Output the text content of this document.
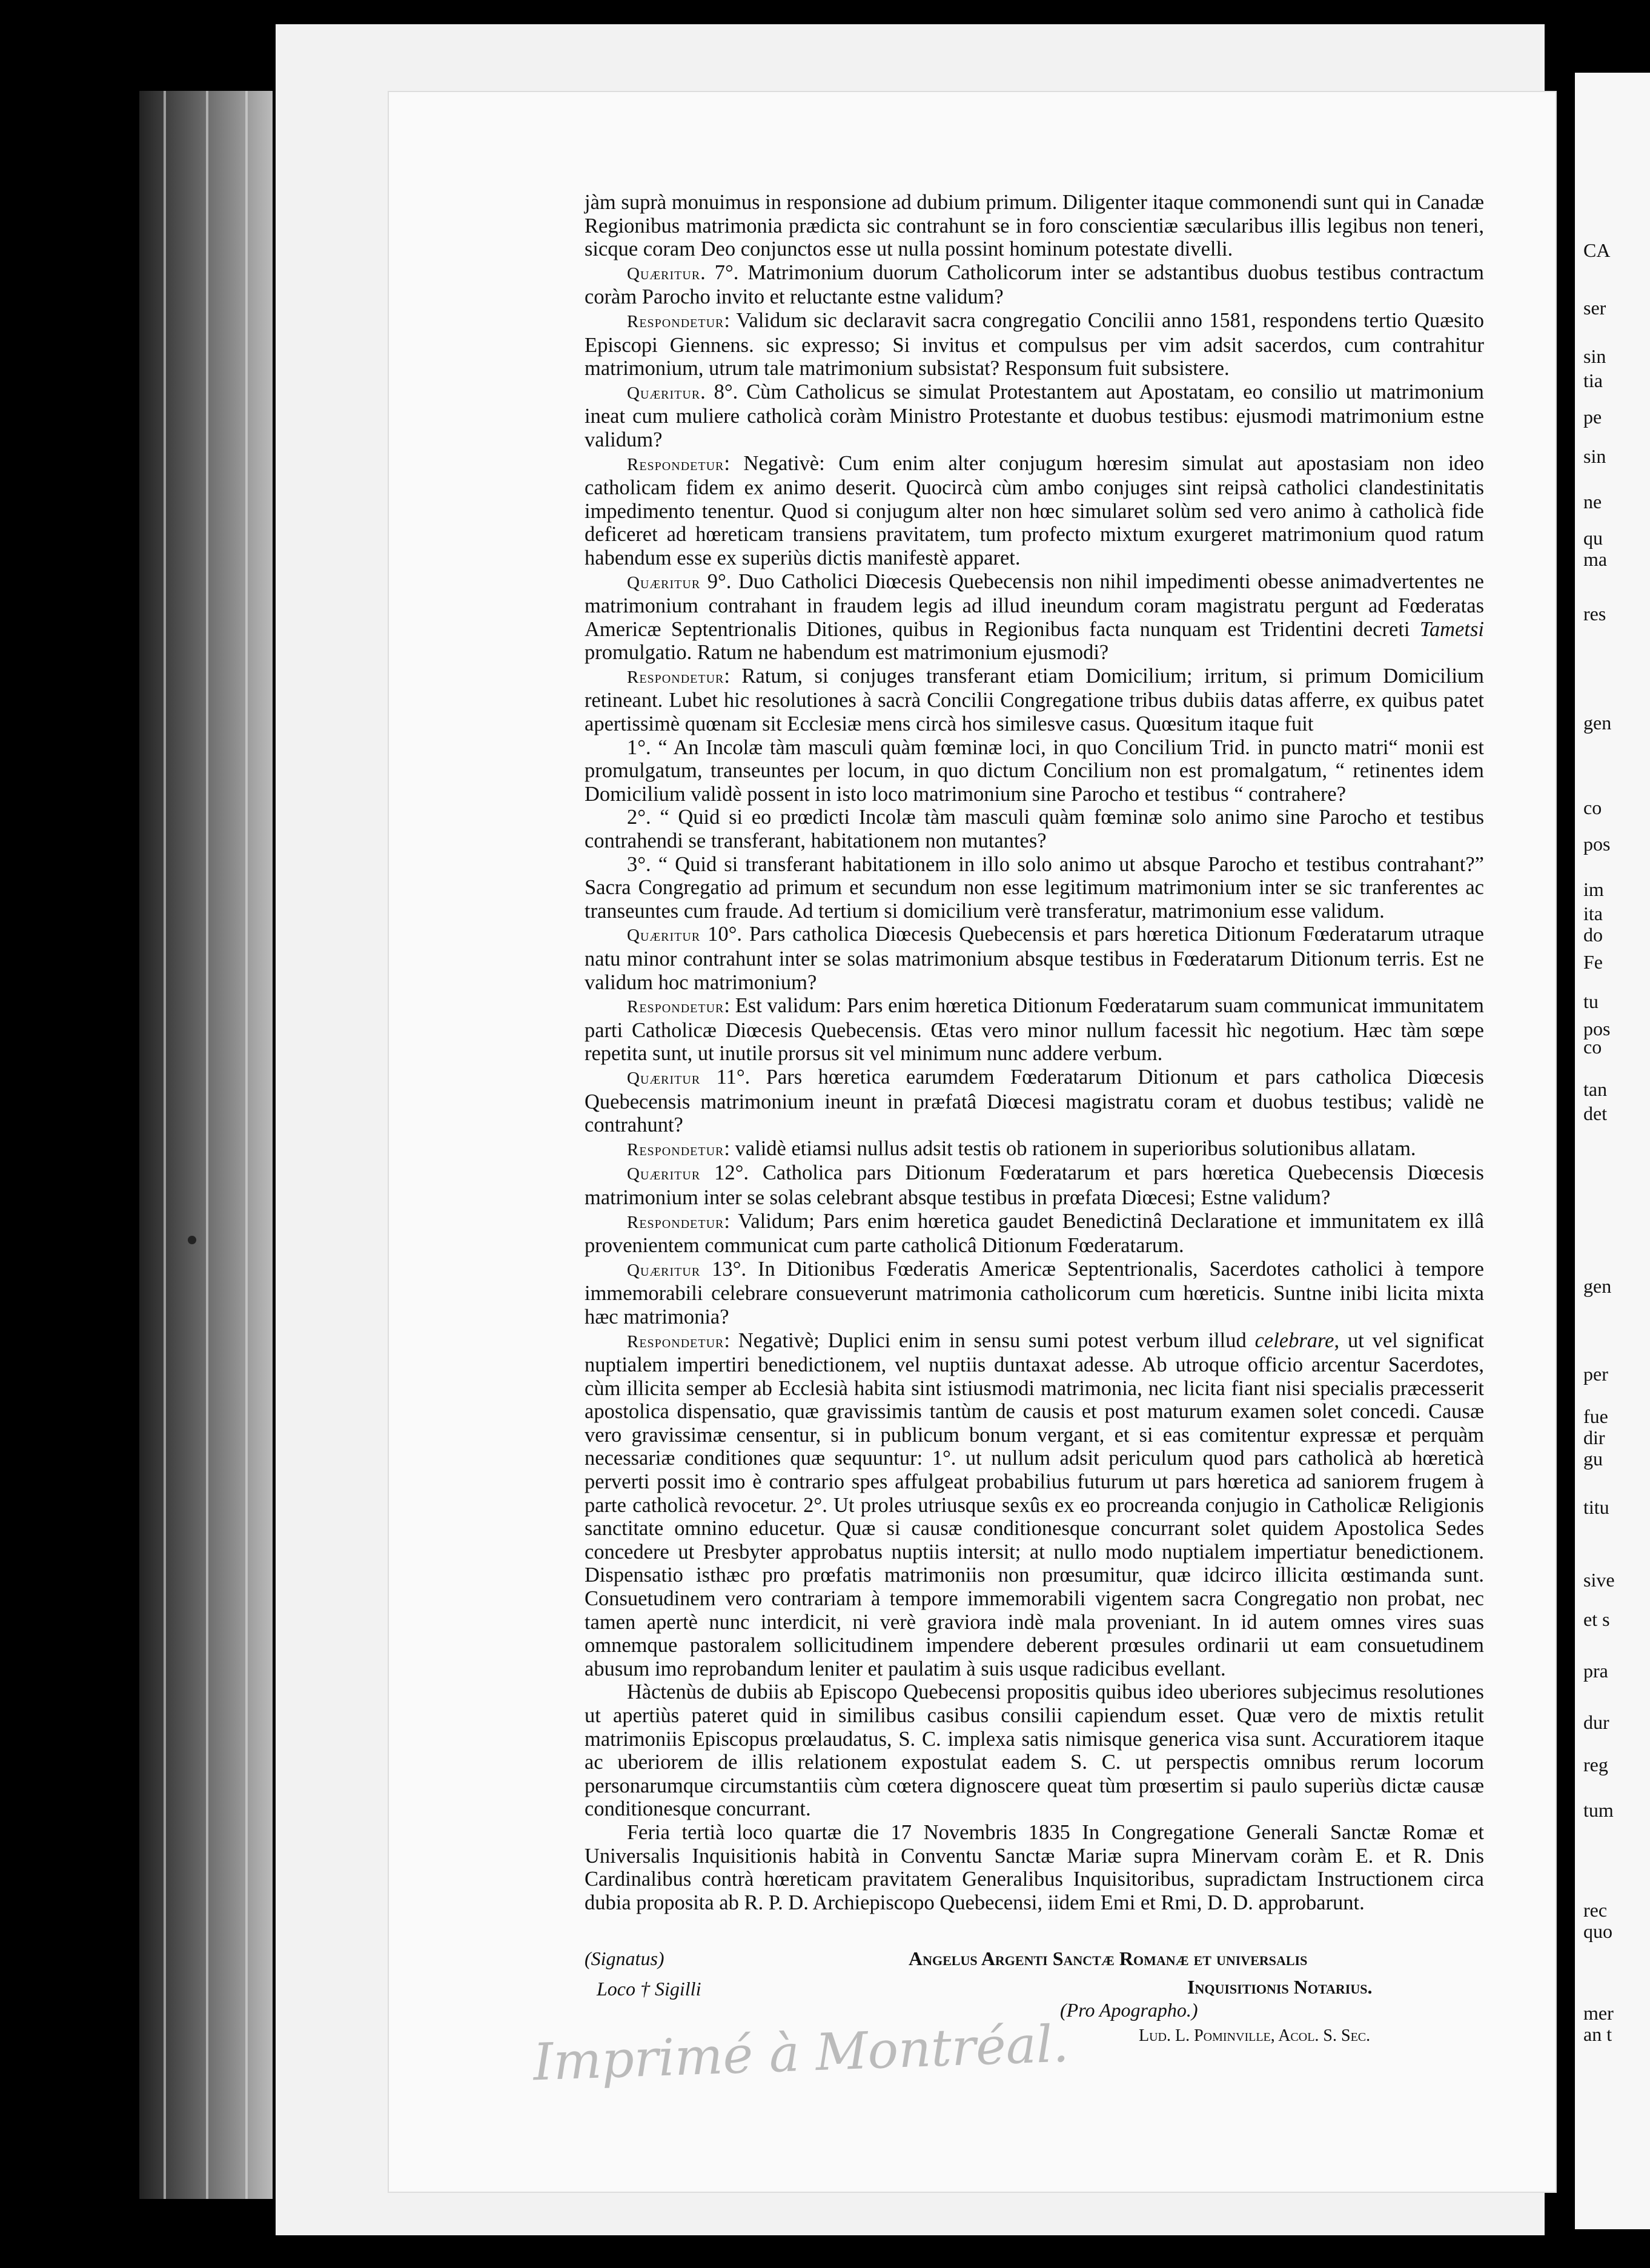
jàm suprà monuimus in responsione ad dubium primum. Diligenter itaque commonendi sunt qui in Canadæ Regionibus matrimonia prædicta sic contrahunt se in foro conscientiæ sæcularibus illis legibus non teneri, sicque coram Deo conjunctos esse ut nulla possint hominum potestate divelli.

Quæritur. 7°. Matrimonium duorum Catholicorum inter se adstantibus duobus testibus contractum coràm Parocho invito et reluctante estne validum?

Respondetur: Validum sic declaravit sacra congregatio Concilii anno 1581, respondens tertio Quæsito Episcopi Giennens. sic expresso; Si invitus et compulsus per vim adsit sacerdos, cum contrahitur matrimonium, utrum tale matrimonium subsistat? Responsum fuit subsistere.

Quæritur. 8°. Cùm Catholicus se simulat Protestantem aut Apostatam, eo consilio ut matrimonium ineat cum muliere catholicà coràm Ministro Protestante et duobus testibus: ejusmodi matrimonium estne validum?

Respondetur: Negativè: Cum enim alter conjugum hœresim simulat aut apostasiam non ideo catholicam fidem ex animo deserit. Quocircà cùm ambo conjuges sint reipsà catholici clandestinitatis impedimento tenentur. Quod si conjugum alter non hœc simularet solùm sed vero animo à catholicà fide deficeret ad hœreticam transiens pravitatem, tum profecto mixtum exurgeret matrimonium quod ratum habendum esse ex superiùs dictis manifestè apparet.

Quæritur 9°. Duo Catholici Diœcesis Quebecensis non nihil impedimenti obesse animadvertentes ne matrimonium contrahant in fraudem legis ad illud ineundum coram magistratu pergunt ad Fœderatas Americæ Septentrionalis Ditiones, quibus in Regionibus facta nunquam est Tridentini decreti Tametsi promulgatio. Ratum ne habendum est matrimonium ejusmodi?

Respondetur: Ratum, si conjuges transferant etiam Domicilium; irritum, si primum Domicilium retineant. Lubet hic resolutiones à sacrà Concilii Congregatione tribus dubiis datas afferre, ex quibus patet apertissimè quœnam sit Ecclesiæ mens circà hos similesve casus. Quœsitum itaque fuit

1°. “ An Incolæ tàm masculi quàm fœminæ loci, in quo Concilium Trid. in puncto matri“ monii est promulgatum, transeuntes per locum, in quo dictum Concilium non est promalgatum, “ retinentes idem Domicilium validè possent in isto loco matrimonium sine Parocho et testibus “ contrahere?

2°. “ Quid si eo prœdicti Incolæ tàm masculi quàm fœminæ solo animo sine Parocho et testibus contrahendi se transferant, habitationem non mutantes?

3°. “ Quid si transferant habitationem in illo solo animo ut absque Parocho et testibus contrahant?” Sacra Congregatio ad primum et secundum non esse legitimum matrimonium inter se sic tranferentes ac transeuntes cum fraude. Ad tertium si domicilium verè transferatur, matrimonium esse validum.

Quæritur 10°. Pars catholica Diœcesis Quebecensis et pars hœretica Ditionum Fœderatarum utraque natu minor contrahunt inter se solas matrimonium absque testibus in Fœderatarum Ditionum terris. Est ne validum hoc matrimonium?

Respondetur: Est validum: Pars enim hœretica Ditionum Fœderatarum suam communicat immunitatem parti Catholicæ Diœcesis Quebecensis. Œtas vero minor nullum facessit hìc negotium. Hæc tàm sœpe repetita sunt, ut inutile prorsus sit vel minimum nunc addere verbum.

Quæritur 11°. Pars hœretica earumdem Fœderatarum Ditionum et pars catholica Diœcesis Quebecensis matrimonium ineunt in præfatâ Diœcesi magistratu coram et duobus testibus; validè ne contrahunt?

Respondetur: validè etiamsi nullus adsit testis ob rationem in superioribus solutionibus allatam.

Quæritur 12°. Catholica pars Ditionum Fœderatarum et pars hœretica Quebecensis Diœcesis matrimonium inter se solas celebrant absque testibus in prœfata Diœcesi; Estne validum?

Respondetur: Validum; Pars enim hœretica gaudet Benedictinâ Declaratione et immunitatem ex illâ provenientem communicat cum parte catholicâ Ditionum Fœderatarum.

Quæritur 13°. In Ditionibus Fœderatis Americæ Septentrionalis, Sacerdotes catholici à tempore immemorabili celebrare consueverunt matrimonia catholicorum cum hœreticis. Suntne inibi licita mixta hæc matrimonia?

Respondetur: Negativè; Duplici enim in sensu sumi potest verbum illud celebrare, ut vel significat nuptialem impertiri benedictionem, vel nuptiis duntaxat adesse. Ab utroque officio arcentur Sacerdotes, cùm illicita semper ab Ecclesià habita sint istiusmodi matrimonia, nec licita fiant nisi specialis præcesserit apostolica dispensatio, quæ gravissimis tantùm de causis et post maturum examen solet concedi. Causæ vero gravissimæ censentur, si in publicum bonum vergant, et si eas comitentur expressæ et perquàm necessariæ conditiones quæ sequuntur: 1°. ut nullum adsit periculum quod pars catholicà ab hœreticà perverti possit imo è contrario spes affulgeat probabilius futurum ut pars hœretica ad saniorem frugem à parte catholicà revocetur. 2°. Ut proles utriusque sexûs ex eo procreanda conjugio in Catholicæ Religionis sanctitate omnino educetur. Quæ si causæ conditionesque concurrant solet quidem Apostolica Sedes concedere ut Presbyter approbatus nuptiis intersit; at nullo modo nuptialem impertiatur benedictionem. Dispensatio isthæc pro prœfatis matrimoniis non prœsumitur, quæ idcirco illicita œstimanda sunt. Consuetudinem vero contrariam à tempore immemorabili vigentem sacra Congregatio non probat, nec tamen apertè nunc interdicit, ni verè graviora indè mala proveniant. In id autem omnes vires suas omnemque pastoralem sollicitudinem impendere deberent prœsules ordinarii ut eam consuetudinem abusum imo reprobandum leniter et paulatim à suis usque radicibus evellant.

Hàctenùs de dubiis ab Episcopo Quebecensi propositis quibus ideo uberiores subjecimus resolutiones ut apertiùs pateret quid in similibus casibus consilii capiendum esset. Quæ vero de mixtis retulit matrimoniis Episcopus prœlaudatus, S. C. implexa satis nimisque generica visa sunt. Accuratiorem itaque ac uberiorem de illis relationem expostulat eadem S. C. ut perspectis omnibus rerum locorum personarumque circumstantiis cùm cœtera dignoscere queat tùm prœsertim si paulo superiùs dictæ causæ conditionesque concurrant.

Feria tertià loco quartæ die 17 Novembris 1835 In Congregatione Generali Sanctæ Romæ et Universalis Inquisitionis habità in Conventu Sanctæ Mariæ supra Minervam coràm E. et R. Dnis Cardinalibus contrà hœreticam pravitatem Generalibus Inquisitoribus, supradictam Instructionem circa dubia proposita ab R. P. D. Archiepiscopo Quebecensi, iidem Emi et Rmi, D. D. approbarunt.

(Signatus)
Loco † Sigilli
Angelus Argenti Sanctæ Romanæ et universalis
Inquisitionis Notarius.
(Pro Apographo.)
Lud. L. Pominville, Acol. S. Sec.
Imprimé à Montréal.
CA
ser
sin
tia
pe
sin
ne
qu
ma
res
gen
co
pos
im
ita
do
Fe
tu
pos
co
tan
det
gen
per
fue
dir
gu
titu
sive
et s
pra
dur
reg
tum
rec
quo
mer
an t
